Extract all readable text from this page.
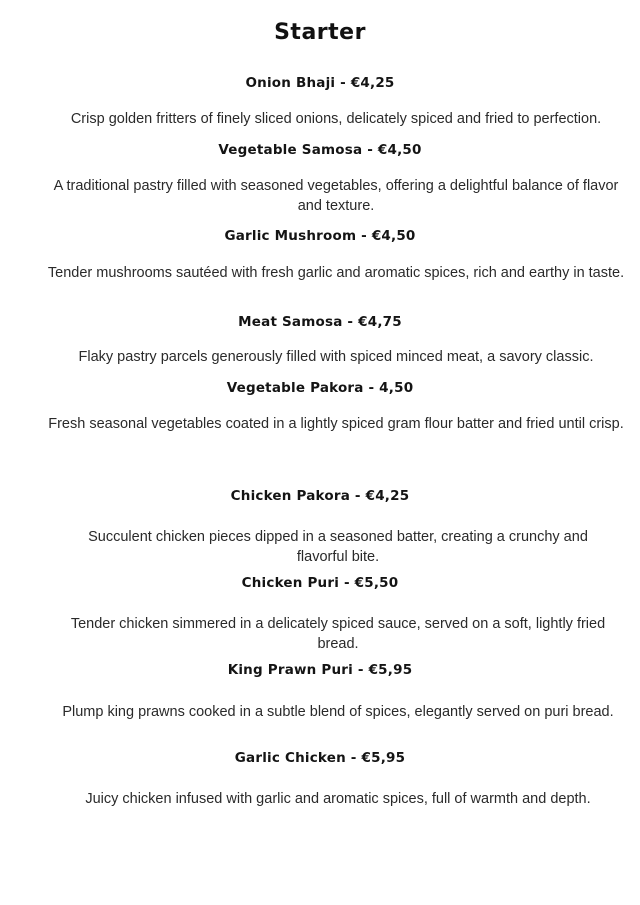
Starter
Onion Bhaji - €4,25
Crisp golden fritters of finely sliced onions, delicately spiced and fried to perfection.
Vegetable Samosa - €4,50
A traditional pastry filled with seasoned vegetables, offering a delightful balance of flavor and texture.
Garlic Mushroom - €4,50
Tender mushrooms sautéed with fresh garlic and aromatic spices, rich and earthy in taste.
Meat Samosa - €4,75
Flaky pastry parcels generously filled with spiced minced meat, a savory classic.
Vegetable Pakora - 4,50
Fresh seasonal vegetables coated in a lightly spiced gram flour batter and fried until crisp.
Chicken Pakora - €4,25
Succulent chicken pieces dipped in a seasoned batter, creating a crunchy and flavorful bite.
Chicken Puri - €5,50
Tender chicken simmered in a delicately spiced sauce, served on a soft, lightly fried bread.
King Prawn Puri - €5,95
Plump king prawns cooked in a subtle blend of spices, elegantly served on puri bread.
Garlic Chicken - €5,95
Juicy chicken infused with garlic and aromatic spices, full of warmth and depth.
